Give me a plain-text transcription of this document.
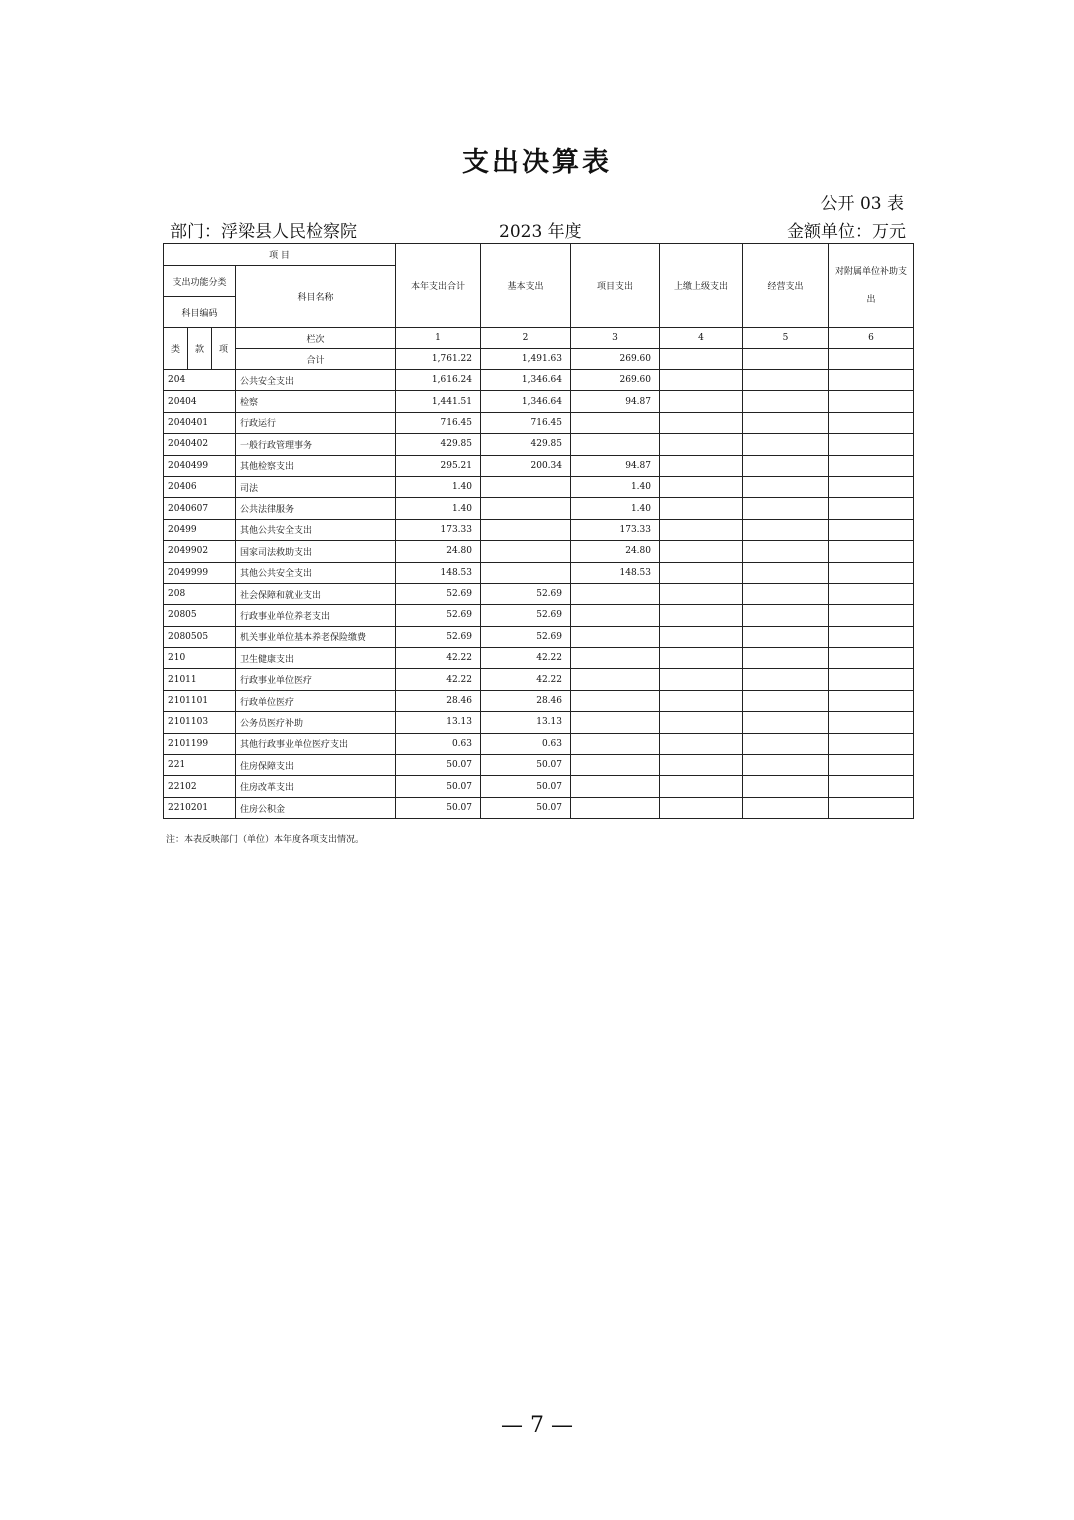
支出决算表
公开 03 表
部门：浮梁县人民检察院	2023 年度	金额单位：万元
项 目				本年支出合计	基本支出	项目支出	上缴上级支出	经营支出	对附属单位补助支出
支出功能分类			科目名称						
科目编码									
类	款	项	栏次	1	2	3	4	5	6
			合计	1,761.22	1,491.63	269.60			
204			公共安全支出	1,616.24	1,346.64	269.60			
20404			检察	1,441.51	1,346.64	94.87			
2040401			行政运行	716.45	716.45				
2040402			一般行政管理事务	429.85	429.85				
2040499			其他检察支出	295.21	200.34	94.87			
20406			司法	1.40		1.40			
2040607			公共法律服务	1.40		1.40			
20499			其他公共安全支出	173.33		173.33			
2049902			国家司法救助支出	24.80		24.80			
2049999			其他公共安全支出	148.53		148.53			
208			社会保障和就业支出	52.69	52.69				
20805			行政事业单位养老支出	52.69	52.69				
2080505			机关事业单位基本养老保险缴费	52.69	52.69				
210			卫生健康支出	42.22	42.22				
21011			行政事业单位医疗	42.22	42.22				
2101101			行政单位医疗	28.46	28.46				
2101103			公务员医疗补助	13.13	13.13				
2101199			其他行政事业单位医疗支出	0.63	0.63				
221			住房保障支出	50.07	50.07				
22102			住房改革支出	50.07	50.07				
2210201			住房公积金	50.07	50.07				
注：本表反映部门（单位）本年度各项支出情况。
— 7 —
